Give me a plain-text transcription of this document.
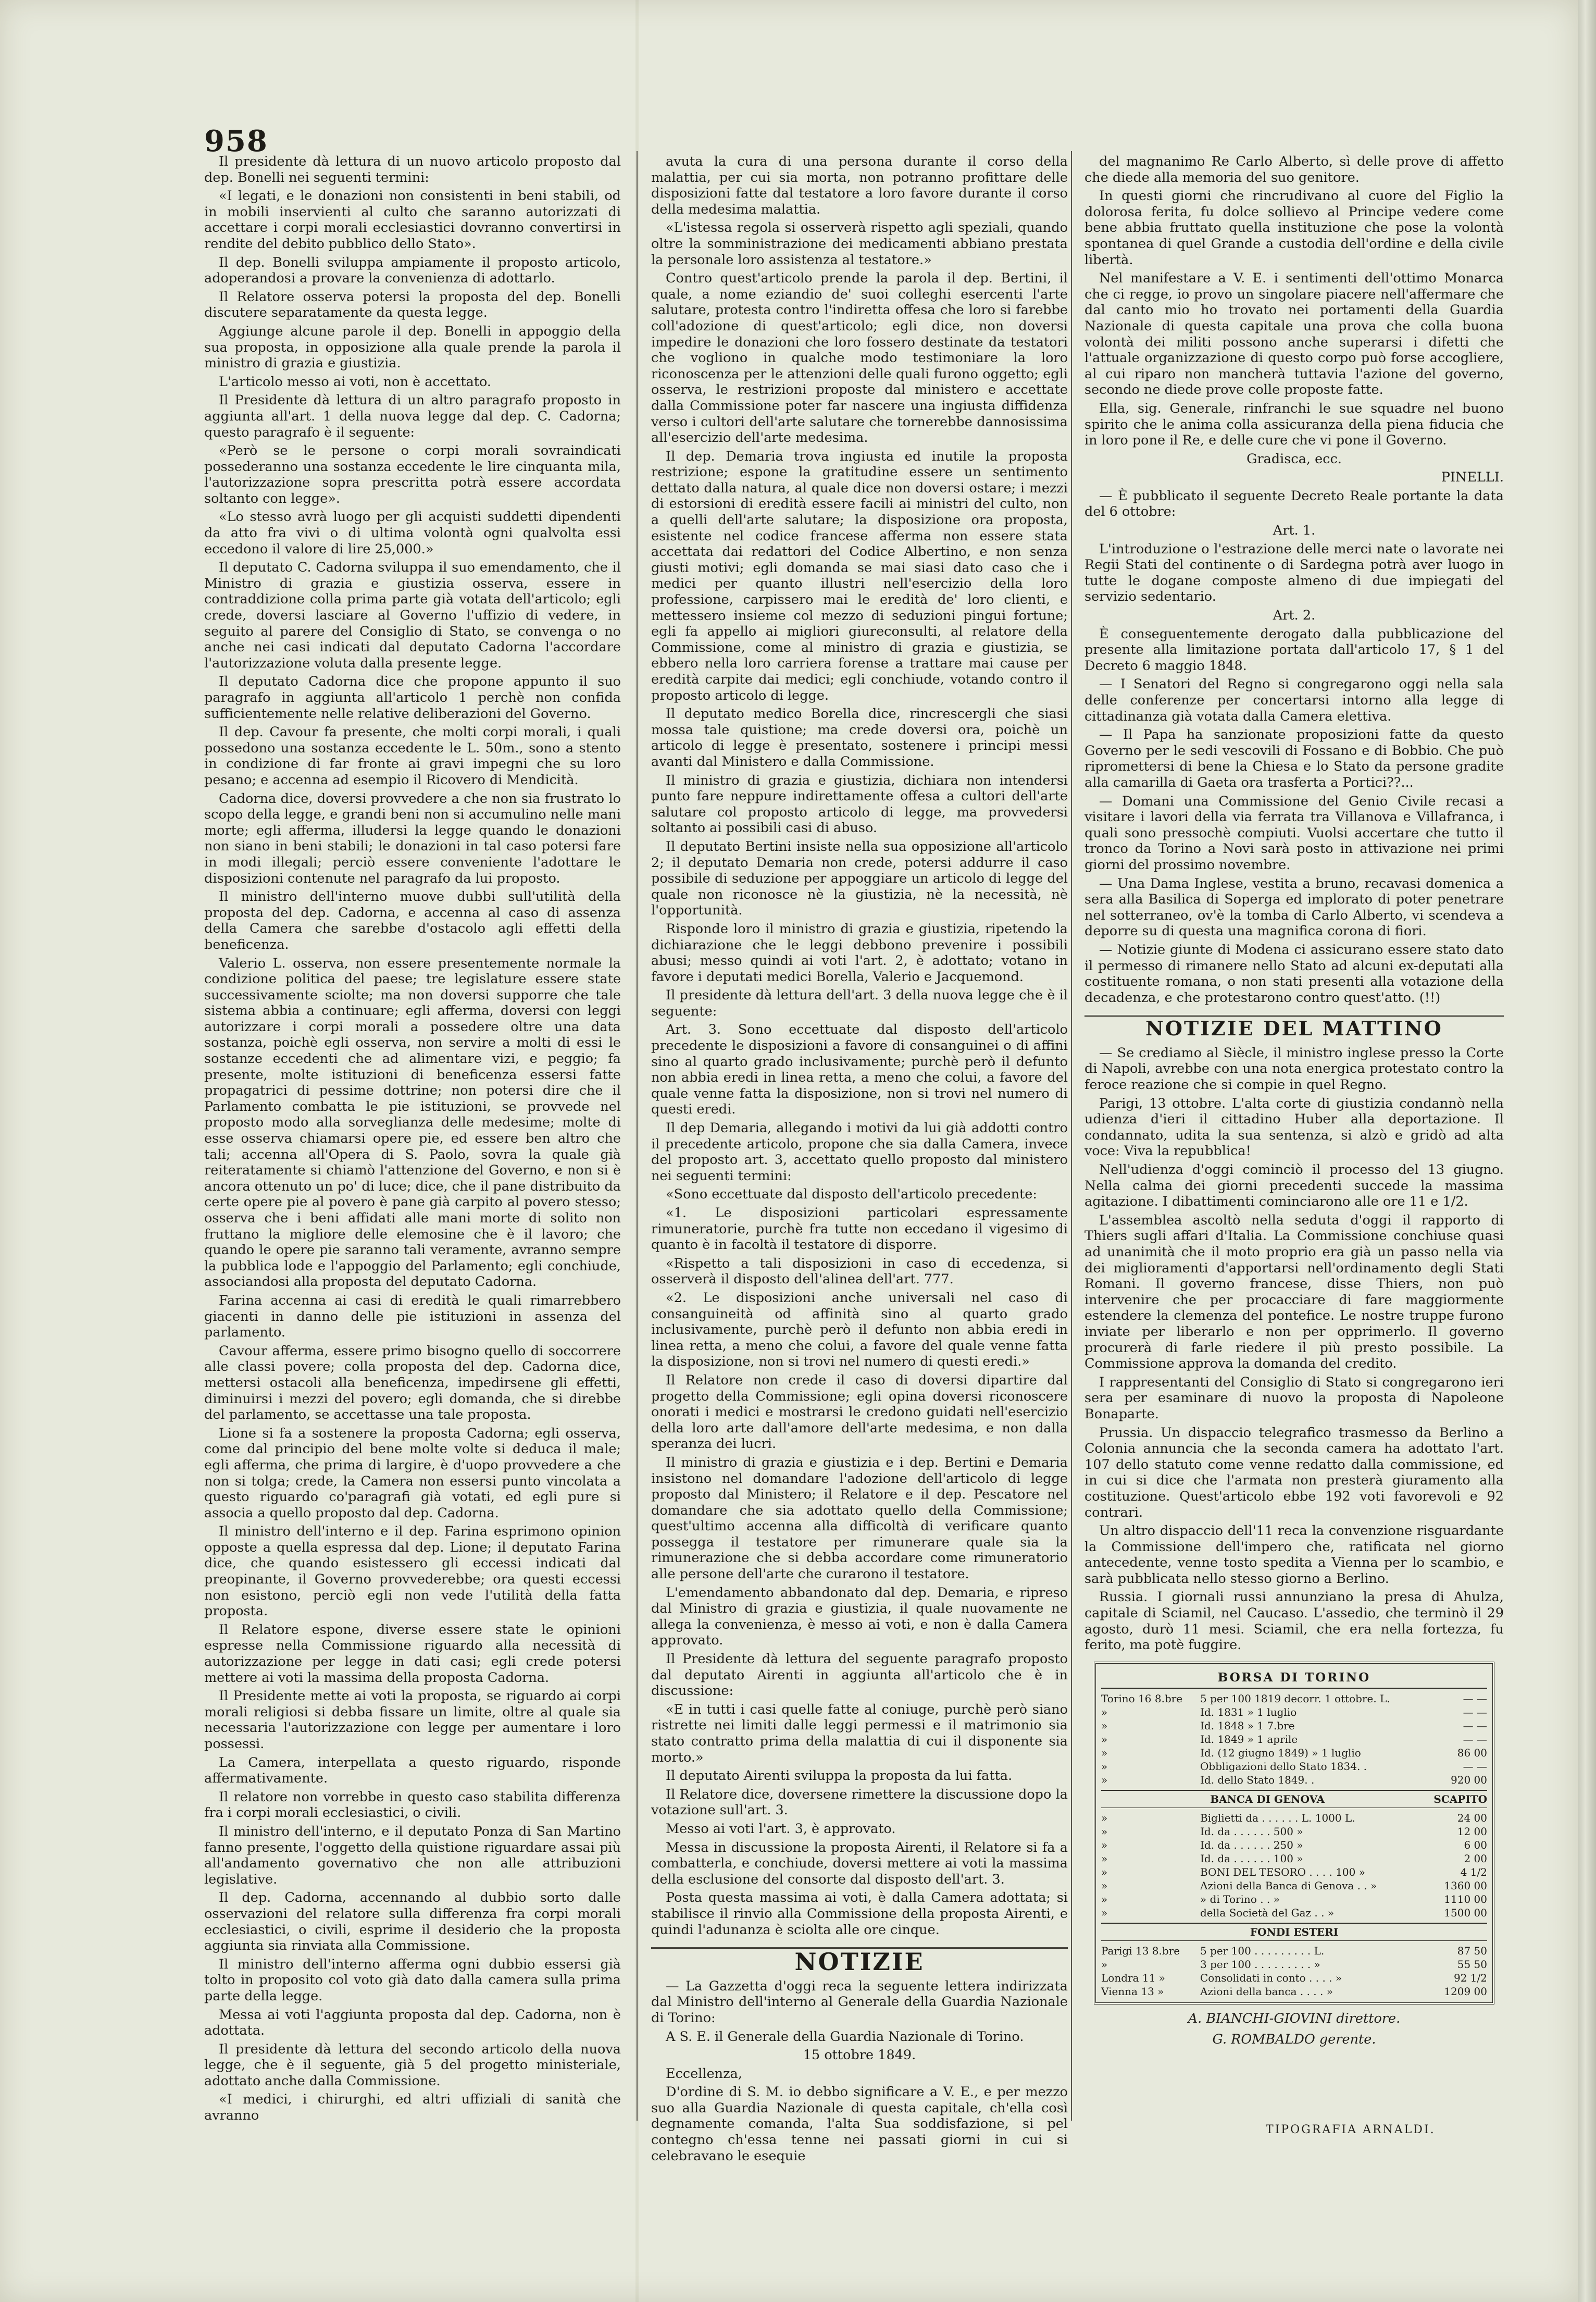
958

Il presidente dà lettura di un nuovo articolo proposto dal dep. Bonelli nei seguenti termini:

«I legati, e le donazioni non consistenti in beni stabili, od in mobili inservienti al culto che saranno autorizzati di accettare i corpi morali ecclesiastici dovranno convertirsi in rendite del debito pubblico dello Stato».

Il dep. Bonelli sviluppa ampiamente il proposto articolo, adoperandosi a provare la convenienza di adottarlo.

Il Relatore osserva potersi la proposta del dep. Bonelli discutere separatamente da questa legge.

Aggiunge alcune parole il dep. Bonelli in appoggio della sua proposta, in opposizione alla quale prende la parola il ministro di grazia e giustizia.

L'articolo messo ai voti, non è accettato.

Il Presidente dà lettura di un altro paragrafo proposto in aggiunta all'art. 1 della nuova legge dal dep. C. Cadorna; questo paragrafo è il seguente:

«Però se le persone o corpi morali sovraindicati possederanno una sostanza eccedente le lire cinquanta mila, l'autorizzazione sopra prescritta potrà essere accordata soltanto con legge».

«Lo stesso avrà luogo per gli acquisti suddetti dipendenti da atto fra vivi o di ultima volontà ogni qualvolta essi eccedono il valore di lire 25,000.»

Il deputato C. Cadorna sviluppa il suo emendamento, che il Ministro di grazia e giustizia osserva, essere in contraddizione colla prima parte già votata dell'articolo; egli crede, doversi lasciare al Governo l'uffizio di vedere, in seguito al parere del Consiglio di Stato, se convenga o no anche nei casi indicati dal deputato Cadorna l'accordare l'autorizzazione voluta dalla presente legge.

Il deputato Cadorna dice che propone appunto il suo paragrafo in aggiunta all'articolo 1 perchè non confida sufficientemente nelle relative deliberazioni del Governo.

Il dep. Cavour fa presente, che molti corpi morali, i quali possedono una sostanza eccedente le L. 50m., sono a stento in condizione di far fronte ai gravi impegni che su loro pesano; e accenna ad esempio il Ricovero di Mendicità.

Cadorna dice, doversi provvedere a che non sia frustrato lo scopo della legge, e grandi beni non si accumulino nelle mani morte; egli afferma, illudersi la legge quando le donazioni non siano in beni stabili; le donazioni in tal caso potersi fare in modi illegali; perciò essere conveniente l'adottare le disposizioni contenute nel paragrafo da lui proposto.

Il ministro dell'interno muove dubbi sull'utilità della proposta del dep. Cadorna, e accenna al caso di assenza della Camera che sarebbe d'ostacolo agli effetti della beneficenza.

Valerio L. osserva, non essere presentemente normale la condizione politica del paese; tre legislature essere state successivamente sciolte; ma non doversi supporre che tale sistema abbia a continuare; egli afferma, doversi con leggi autorizzare i corpi morali a possedere oltre una data sostanza, poichè egli osserva, non servire a molti di essi le sostanze eccedenti che ad alimentare vizi, e peggio; fa presente, molte istituzioni di beneficenza essersi fatte propagatrici di pessime dottrine; non potersi dire che il Parlamento combatta le pie istituzioni, se provvede nel proposto modo alla sorveglianza delle medesime; molte di esse osserva chiamarsi opere pie, ed essere ben altro che tali; accenna all'Opera di S. Paolo, sovra la quale già reiteratamente si chiamò l'attenzione del Governo, e non si è ancora ottenuto un po' di luce; dice, che il pane distribuito da certe opere pie al povero è pane già carpito al povero stesso; osserva che i beni affidati alle mani morte di solito non fruttano la migliore delle elemosine che è il lavoro; che quando le opere pie saranno tali veramente, avranno sempre la pubblica lode e l'appoggio del Parlamento; egli conchiude, associandosi alla proposta del deputato Cadorna.

Farina accenna ai casi di eredità le quali rimarrebbero giacenti in danno delle pie istituzioni in assenza del parlamento.

Cavour afferma, essere primo bisogno quello di soccorrere alle classi povere; colla proposta del dep. Cadorna dice, mettersi ostacoli alla beneficenza, impedirsene gli effetti, diminuirsi i mezzi del povero; egli domanda, che si direbbe del parlamento, se accettasse una tale proposta.

Lione si fa a sostenere la proposta Cadorna; egli osserva, come dal principio del bene molte volte si deduca il male; egli afferma, che prima di largire, è d'uopo provvedere a che non si tolga; crede, la Camera non essersi punto vincolata a questo riguardo co'paragrafi già votati, ed egli pure si associa a quello proposto dal dep. Cadorna.

Il ministro dell'interno e il dep. Farina esprimono opinion opposte a quella espressa dal dep. Lione; il deputato Farina dice, che quando esistessero gli eccessi indicati dal preopinante, il Governo provvederebbe; ora questi eccessi non esistono, perciò egli non vede l'utilità della fatta proposta.

Il Relatore espone, diverse essere state le opinioni espresse nella Commissione riguardo alla necessità di autorizzazione per legge in dati casi; egli crede potersi mettere ai voti la massima della proposta Cadorna.

Il Presidente mette ai voti la proposta, se riguardo ai corpi morali religiosi si debba fissare un limite, oltre al quale sia necessaria l'autorizzazione con legge per aumentare i loro possessi.

La Camera, interpellata a questo riguardo, risponde affermativamente.

Il relatore non vorrebbe in questo caso stabilita differenza fra i corpi morali ecclesiastici, o civili.

Il ministro dell'interno, e il deputato Ponza di San Martino fanno presente, l'oggetto della quistione riguardare assai più all'andamento governativo che non alle attribuzioni legislative.

Il dep. Cadorna, accennando al dubbio sorto dalle osservazioni del relatore sulla differenza fra corpi morali ecclesiastici, o civili, esprime il desiderio che la proposta aggiunta sia rinviata alla Commissione.

Il ministro dell'interno afferma ogni dubbio essersi già tolto in proposito col voto già dato dalla camera sulla prima parte della legge.

Messa ai voti l'aggiunta proposta dal dep. Cadorna, non è adottata.

Il presidente dà lettura del secondo articolo della nuova legge, che è il seguente, già 5 del progetto ministeriale, adottato anche dalla Commissione.

«I medici, i chirurghi, ed altri uffiziali di sanità che avranno

avuta la cura di una persona durante il corso della malattia, per cui sia morta, non potranno profittare delle disposizioni fatte dal testatore a loro favore durante il corso della medesima malattia.

«L'istessa regola si osserverà rispetto agli speziali, quando oltre la somministrazione dei medicamenti abbiano prestata la personale loro assistenza al testatore.»

Contro quest'articolo prende la parola il dep. Bertini, il quale, a nome eziandio de' suoi colleghi esercenti l'arte salutare, protesta contro l'indiretta offesa che loro si farebbe coll'adozione di quest'articolo; egli dice, non doversi impedire le donazioni che loro fossero destinate da testatori che vogliono in qualche modo testimoniare la loro riconoscenza per le attenzioni delle quali furono oggetto; egli osserva, le restrizioni proposte dal ministero e accettate dalla Commissione poter far nascere una ingiusta diffidenza verso i cultori dell'arte salutare che tornerebbe dannosissima all'esercizio dell'arte medesima.

Il dep. Demaria trova ingiusta ed inutile la proposta restrizione; espone la gratitudine essere un sentimento dettato dalla natura, al quale dice non doversi ostare; i mezzi di estorsioni di eredità essere facili ai ministri del culto, non a quelli dell'arte salutare; la disposizione ora proposta, esistente nel codice francese afferma non essere stata accettata dai redattori del Codice Albertino, e non senza giusti motivi; egli domanda se mai siasi dato caso che i medici per quanto illustri nell'esercizio della loro professione, carpissero mai le eredità de' loro clienti, e mettessero insieme col mezzo di seduzioni pingui fortune; egli fa appello ai migliori giureconsulti, al relatore della Commissione, come al ministro di grazia e giustizia, se ebbero nella loro carriera forense a trattare mai cause per eredità carpite dai medici; egli conchiude, votando contro il proposto articolo di legge.

Il deputato medico Borella dice, rincrescergli che siasi mossa tale quistione; ma crede doversi ora, poichè un articolo di legge è presentato, sostenere i principi messi avanti dal Ministero e dalla Commissione.

Il ministro di grazia e giustizia, dichiara non intendersi punto fare neppure indirettamente offesa a cultori dell'arte salutare col proposto articolo di legge, ma provvedersi soltanto ai possibili casi di abuso.

Il deputato Bertini insiste nella sua opposizione all'articolo 2; il deputato Demaria non crede, potersi addurre il caso possibile di seduzione per appoggiare un articolo di legge del quale non riconosce nè la giustizia, nè la necessità, nè l'opportunità.

Risponde loro il ministro di grazia e giustizia, ripetendo la dichiarazione che le leggi debbono prevenire i possibili abusi; messo quindi ai voti l'art. 2, è adottato; votano in favore i deputati medici Borella, Valerio e Jacquemond.

Il presidente dà lettura dell'art. 3 della nuova legge che è il seguente:

Art. 3. Sono eccettuate dal disposto dell'articolo precedente le disposizioni a favore di consanguinei o di affini sino al quarto grado inclusivamente; purchè però il defunto non abbia eredi in linea retta, a meno che colui, a favore del quale venne fatta la disposizione, non si trovi nel numero di questi eredi.

Il dep Demaria, allegando i motivi da lui già addotti contro il precedente articolo, propone che sia dalla Camera, invece del proposto art. 3, accettato quello proposto dal ministero nei seguenti termini:

«Sono eccettuate dal disposto dell'articolo precedente:

«1. Le disposizioni particolari espressamente rimuneratorie, purchè fra tutte non eccedano il vigesimo di quanto è in facoltà il testatore di disporre.

«Rispetto a tali disposizioni in caso di eccedenza, si osserverà il disposto dell'alinea dell'art. 777.

«2. Le disposizioni anche universali nel caso di consanguineità od affinità sino al quarto grado inclusivamente, purchè però il defunto non abbia eredi in linea retta, a meno che colui, a favore del quale venne fatta la disposizione, non si trovi nel numero di questi eredi.»

Il Relatore non crede il caso di doversi dipartire dal progetto della Commissione; egli opina doversi riconoscere onorati i medici e mostrarsi le credono guidati nell'esercizio della loro arte dall'amore dell'arte medesima, e non dalla speranza dei lucri.

Il ministro di grazia e giustizia e i dep. Bertini e Demaria insistono nel domandare l'adozione dell'articolo di legge proposto dal Ministero; il Relatore e il dep. Pescatore nel domandare che sia adottato quello della Commissione; quest'ultimo accenna alla difficoltà di verificare quanto possegga il testatore per rimunerare quale sia la rimunerazione che si debba accordare come rimuneratorio alle persone dell'arte che curarono il testatore.

L'emendamento abbandonato dal dep. Demaria, e ripreso dal Ministro di grazia e giustizia, il quale nuovamente ne allega la convenienza, è messo ai voti, e non è dalla Camera approvato.

Il Presidente dà lettura del seguente paragrafo proposto dal deputato Airenti in aggiunta all'articolo che è in discussione:

«E in tutti i casi quelle fatte al coniuge, purchè però siano ristrette nei limiti dalle leggi permessi e il matrimonio sia stato contratto prima della malattia di cui il disponente sia morto.»

Il deputato Airenti sviluppa la proposta da lui fatta.

Il Relatore dice, doversene rimettere la discussione dopo la votazione sull'art. 3.

Messo ai voti l'art. 3, è approvato.

Messa in discussione la proposta Airenti, il Relatore si fa a combatterla, e conchiude, doversi mettere ai voti la massima della esclusione del consorte dal disposto dell'art. 3.

Posta questa massima ai voti, è dalla Camera adottata; si stabilisce il rinvio alla Commissione della proposta Airenti, e quindi l'adunanza è sciolta alle ore cinque.

NOTIZIE

— La Gazzetta d'oggi reca la seguente lettera indirizzata dal Ministro dell'interno al Generale della Guardia Nazionale di Torino:

A S. E. il Generale della Guardia Nazionale di Torino.

15 ottobre 1849.

Eccellenza,

D'ordine di S. M. io debbo significare a V. E., e per mezzo suo alla Guardia Nazionale di questa capitale, ch'ella così degnamente comanda, l'alta Sua soddisfazione, si pel contegno ch'essa tenne nei passati giorni in cui si celebravano le esequie

del magnanimo Re Carlo Alberto, sì delle prove di affetto che diede alla memoria del suo genitore.

In questi giorni che rincrudivano al cuore del Figlio la dolorosa ferita, fu dolce sollievo al Principe vedere come bene abbia fruttato quella instituzione che pose la volontà spontanea di quel Grande a custodia dell'ordine e della civile libertà.

Nel manifestare a V. E. i sentimenti dell'ottimo Monarca che ci regge, io provo un singolare piacere nell'affermare che dal canto mio ho trovato nei portamenti della Guardia Nazionale di questa capitale una prova che colla buona volontà dei militi possono anche superarsi i difetti che l'attuale organizzazione di questo corpo può forse accogliere, al cui riparo non mancherà tuttavia l'azione del governo, secondo ne diede prove colle proposte fatte.

Ella, sig. Generale, rinfranchi le sue squadre nel buono spirito che le anima colla assicuranza della piena fiducia che in loro pone il Re, e delle cure che vi pone il Governo.

Gradisca, ecc.

PINELLI.

— È pubblicato il seguente Decreto Reale portante la data del 6 ottobre:

Art. 1.

L'introduzione o l'estrazione delle merci nate o lavorate nei Regii Stati del continente o di Sardegna potrà aver luogo in tutte le dogane composte almeno di due impiegati del servizio sedentario.

Art. 2.

È conseguentemente derogato dalla pubblicazione del presente alla limitazione portata dall'articolo 17, § 1 del Decreto 6 maggio 1848.

— I Senatori del Regno si congregarono oggi nella sala delle conferenze per concertarsi intorno alla legge di cittadinanza già votata dalla Camera elettiva.

— Il Papa ha sanzionate proposizioni fatte da questo Governo per le sedi vescovili di Fossano e di Bobbio. Che può ripromettersi di bene la Chiesa e lo Stato da persone gradite alla camarilla di Gaeta ora trasferta a Portici??...

— Domani una Commissione del Genio Civile recasi a visitare i lavori della via ferrata tra Villanova e Villafranca, i quali sono pressochè compiuti. Vuolsi accertare che tutto il tronco da Torino a Novi sarà posto in attivazione nei primi giorni del prossimo novembre.

— Una Dama Inglese, vestita a bruno, recavasi domenica a sera alla Basilica di Soperga ed implorato di poter penetrare nel sotterraneo, ov'è la tomba di Carlo Alberto, vi scendeva a deporre su di questa una magnifica corona di fiori.

— Notizie giunte di Modena ci assicurano essere stato dato il permesso di rimanere nello Stato ad alcuni ex-deputati alla costituente romana, o non stati presenti alla votazione della decadenza, e che protestarono contro quest'atto. (!!)

NOTIZIE DEL MATTINO

— Se crediamo al Siècle, il ministro inglese presso la Corte di Napoli, avrebbe con una nota energica protestato contro la feroce reazione che si compie in quel Regno.

Parigi, 13 ottobre. L'alta corte di giustizia condannò nella udienza d'ieri il cittadino Huber alla deportazione. Il condannato, udita la sua sentenza, si alzò e gridò ad alta voce: Viva la repubblica!

Nell'udienza d'oggi cominciò il processo del 13 giugno. Nella calma dei giorni precedenti succede la massima agitazione. I dibattimenti cominciarono alle ore 11 e 1/2.

L'assemblea ascoltò nella seduta d'oggi il rapporto di Thiers sugli affari d'Italia. La Commissione conchiuse quasi ad unanimità che il moto proprio era già un passo nella via dei miglioramenti d'apportarsi nell'ordinamento degli Stati Romani. Il governo francese, disse Thiers, non può intervenire che per procacciare di fare maggiormente estendere la clemenza del pontefice. Le nostre truppe furono inviate per liberarlo e non per opprimerlo. Il governo procurerà di farle riedere il più presto possibile. La Commissione approva la domanda del credito.

I rappresentanti del Consiglio di Stato si congregarono ieri sera per esaminare di nuovo la proposta di Napoleone Bonaparte.

Prussia. Un dispaccio telegrafico trasmesso da Berlino a Colonia annuncia che la seconda camera ha adottato l'art. 107 dello statuto come venne redatto dalla commissione, ed in cui si dice che l'armata non presterà giuramento alla costituzione. Quest'articolo ebbe 192 voti favorevoli e 92 contrari.

Un altro dispaccio dell'11 reca la convenzione risguardante la Commissione dell'impero che, ratificata nel giorno antecedente, venne tosto spedita a Vienna per lo scambio, e sarà pubblicata nello stesso giorno a Berlino.

Russia. I giornali russi annunziano la presa di Ahulza, capitale di Sciamil, nel Caucaso. L'assedio, che terminò il 29 agosto, durò 11 mesi. Sciamil, che era nella fortezza, fu ferito, ma potè fuggire.

BORSA DI TORINO
Torino 16 8.bre	5 per 100 1819 decorr. 1 ottobre. L.	— —
»	Id. 1831 » 1 luglio	— —
»	Id. 1848 » 1 7.bre	— —
»	Id. 1849 » 1 aprile	— —
»	Id. (12 giugno 1849) » 1 luglio	86 00
»	Obbligazioni dello Stato 1834. .	— —
»	Id. dello Stato 1849. .	920 00
BANCA DI GENOVA	SCAPITO
»	Biglietti da . . . . . . L. 1000 L.	24 00
»	Id. da . . . . . . 500 »	12 00
»	Id. da . . . . . . 250 »	6 00
»	Id. da . . . . . . 100 »	2 00
»	BONI DEL TESORO . . . . 100 »	4 1/2
»	Azioni della Banca di Genova . . »	1360 00
»	» di Torino . . »	1110 00
»	della Società del Gaz . . »	1500 00
FONDI ESTERI
Parigi 13 8.bre	5 per 100 . . . . . . . . . L.	87 50
»	3 per 100 . . . . . . . . . »	55 50
Londra 11 »	Consolidati in conto . . . . »	92 1/2
Vienna 13 »	Azioni della banca . . . . »	1209 00
A. BIANCHI-GIOVINI direttore.
G. ROMBALDO gerente.
TIPOGRAFIA ARNALDI.
